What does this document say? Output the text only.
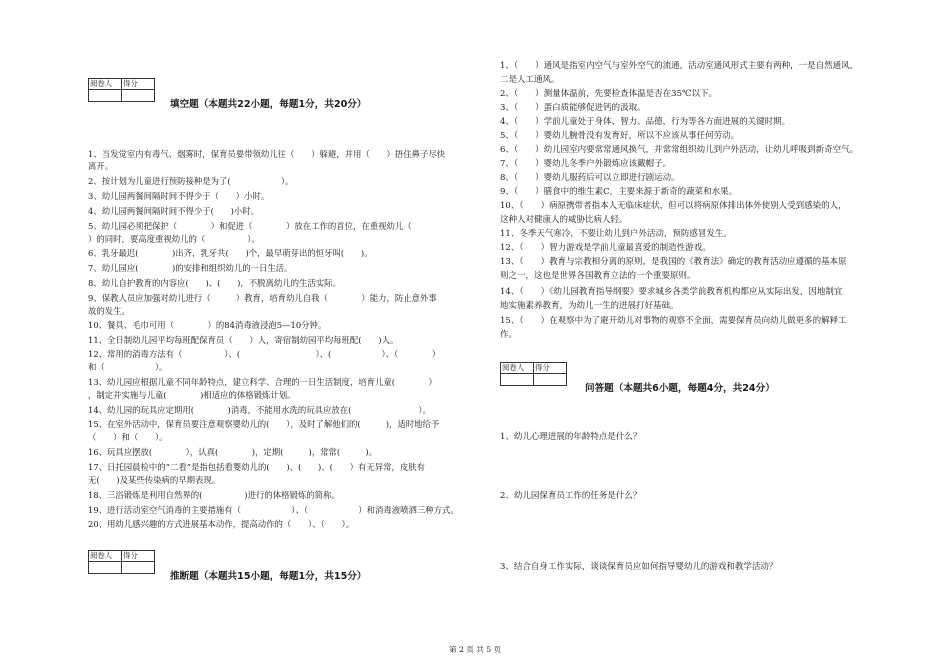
阅卷人	得分

填空题（本题共22小题，每题1分，共20分）
1、当发觉室内有毒气、烟雾时，保育员要带领幼儿往（　　）躲避，并用（　　）捂住鼻子尽快
离开。
2、按计划为儿童进行预防接种是为了(　　　　　　）。
3、幼儿园两餐间隔时间不得少于（　　）小时。
4、幼儿园两餐间隔时间不得少于(　　)小时。
5、幼儿园必须把保护（　　　　）和促进（　　　　）放在工作的首位，在重视幼儿（
）的同时，要高度重视幼儿的（　　　　　）。
6、乳牙最迟(　　　　)出齐，乳牙共(　　)个，最早萌芽出的恒牙叫(　　)。
7、幼儿园应(　　　　)的安排和组织幼儿的一日生活。
8、幼儿自护教育的内容应(　　)、(　　)，不脱离幼儿的生活实际。
9、保教人员应加强对幼儿进行（　　　）教育，培育幼儿自我（　　　　）能力，防止意外事
故的发生。
10、餐具、毛巾可用（　　　　）的84消毒液浸泡5—10分钟。
11、全日制幼儿园平均每班配保育员（　　）人，寄宿制幼园平均每班配(　　)人。
12、常用的消毒方法有（　　　　　）、(　　　　　　　　　）、(　　　　　　）、（　　　　）
和（　　　　　　）。
13、幼儿园应根据儿童不同年龄特点，建立科学、合理的一日生活制度，培育儿童(　　　　）
，制定并实施与儿童(　　　　)相适应的体格锻炼计划。
14、幼儿园的玩具应定期用(　　　　)消毒，不能用水洗的玩具应放在(　　　　　　　　）。
15、在室外活动中，保育员要注意观察婴幼儿的(　　），及时了解他们的(　　　)，适时地给予
（　　）和（　　）。
16、玩具应摆放(　　　　），认真(　　　　)，定期(　　　)，常常(　　　)。
17、日托园晨检中的“二看”是指包括看婴幼儿的(　　)、(　　)、(　　）有无异常，皮肤有
无(　　)及某些传染病的早期表现。
18、三浴锻炼是利用自然界的(　　　　　)进行的体格锻炼的简称。
19、进行活动室空气消毒的主要措施有（　　　　　　）、（　　　　　　）和消毒液喷洒三种方式。
20、用幼儿感兴趣的方式进展基本动作，提高动作的（　　）、（　　）。
阅卷人	得分

推断题（本题共15小题，每题1分，共15分）
1、（　　）通风是指室内空气与室外空气的流通，活动室通风形式主要有两种，一是自然通风，
二是人工通风。
2、（　　）测量体温前，先要检查体温是否在35℃以下。
3、（　　）蛋白质能够促进钙的汲取。
4、（　　）学前儿童处于身体、智力、品德，行为等各方面进展的关键时期。
5、（　　）婴幼儿腕骨没有发育好，所以不应该从事任何劳动。
6、（　　）幼儿园室内要常常通风换气，并常常组织幼儿到户外活动，让幼儿呼吸到新奇空气。
7、（　　）婴幼儿冬季户外锻炼应该戴帽子。
8、（　　）婴幼儿服药后可以立即进行剧运动。
9、（　　）膳食中的维生素C，主要来源于新奇的蔬菜和水果。
10、（　　）病原携带者指本人无临床症状，但可以将病原体排出体外使别人受到感染的人，
这种人对健康人的威胁比病人轻。
11、冬季天气寒冷，不要让幼儿到户外活动，预防感冒发生。
12、（　　）智力游戏是学前儿童最喜爱的制造性游戏。
13、（　　）教育与宗教相分离的原则，是我国的《教育法》确定的教育活动应遵循的基本原
则之一，这也是世界各国教育立法的一个重要原则。
14、（　　）《幼儿园教育指导纲要》要求城乡各类学前教育机构都应从实际出发，因地制宜
地实施素养教育，为幼儿一生的进展打好基础。
15、（　　）在观察中为了避开幼儿对事物的观察不全面，需要保育员向幼儿做更多的解释工
作。
阅卷人	得分

问答题（本题共6小题，每题4分，共24分）
1、幼儿心理进展的年龄特点是什么？
2、幼儿园保育员工作的任务是什么？
3、结合自身工作实际，谈谈保育员应如何指导婴幼儿的游戏和教学活动？
第 2 页 共 5 页
